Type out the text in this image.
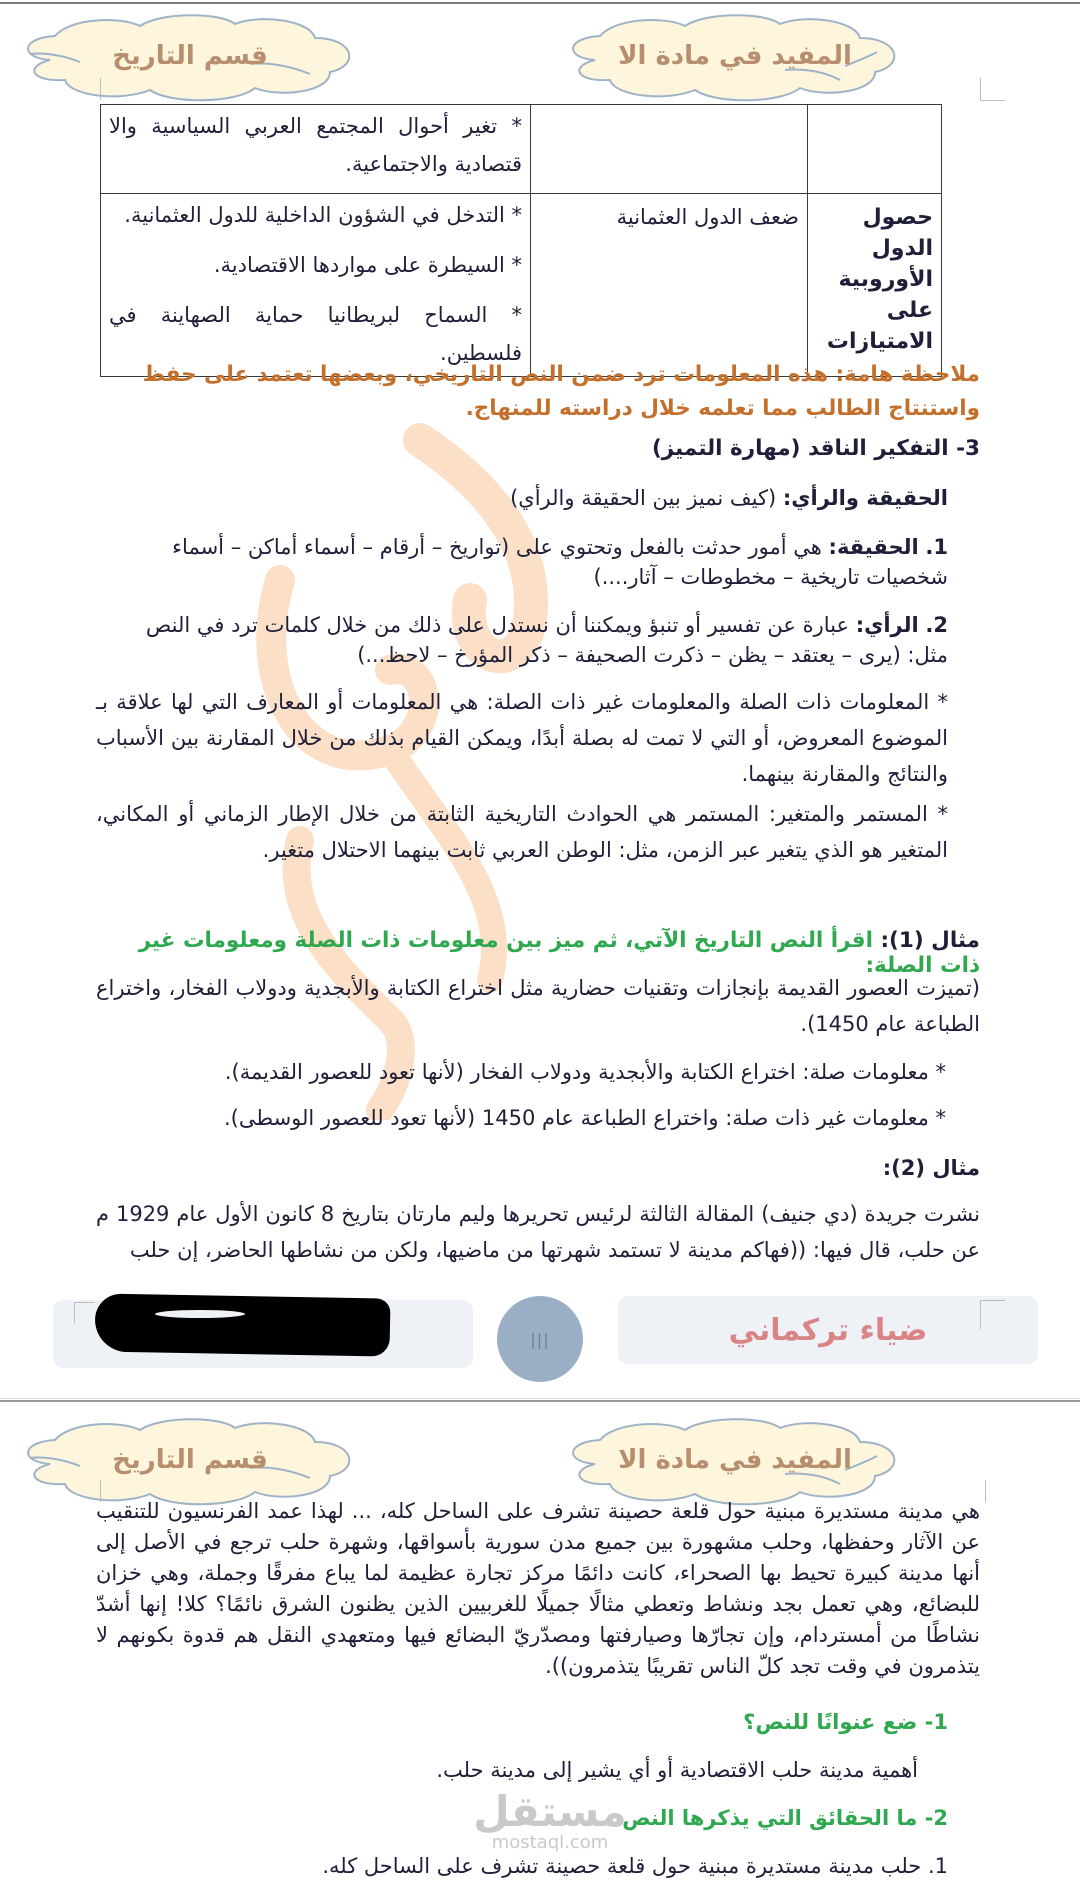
المفيد في مادة الا
قسم التاريخ

		* تغير أحوال المجتمع العربي السياسية والا قتصادية والاجتماعية.

حصول الدول الأوروبية على الامتيازات	ضعف الدول العثمانية	* التدخل في الشؤون الداخلية للدول العثمانية.

* السيطرة على مواردها الاقتصادية.

* السماح لبريطانيا حماية الصهاينة في فلسطين.

ملاحظة هامة: هذه المعلومات ترد ضمن النص التاريخي، وبعضها تعتمد على حفظ واستنتاج الطالب مما تعلمه خلال دراسته للمنهاج.
3- التفكير الناقد (مهارة التميز)
الحقيقة والرأي: (كيف نميز بين الحقيقة والرأي)
1. الحقيقة: هي أمور حدثت بالفعل وتحتوي على (تواريخ – أرقام – أسماء أماكن – أسماء شخصيات تاريخية – مخطوطات – آثار....)
2. الرأي: عبارة عن تفسير أو تنبؤ ويمكننا أن نستدل على ذلك من خلال كلمات ترد في النص مثل: (يرى – يعتقد – يظن – ذكرت الصحيفة – ذكر المؤرخ – لاحظ...)
* المعلومات ذات الصلة والمعلومات غير ذات الصلة: هي المعلومات أو المعارف التي لها علاقة بـ الموضوع المعروض، أو التي لا تمت له بصلة أبدًا، ويمكن القيام بذلك من خلال المقارنة بين الأسباب والنتائج والمقارنة بينهما.
* المستمر والمتغير: المستمر هي الحوادث التاريخية الثابتة من خلال الإطار الزماني أو المكاني، المتغير هو الذي يتغير عبر الزمن، مثل: الوطن العربي ثابت بينهما الاحتلال متغير.
مثال (1): اقرأ النص التاريخ الآتي، ثم ميز بين معلومات ذات الصلة ومعلومات غير ذات الصلة:
(تميزت العصور القديمة بإنجازات وتقنيات حضارية مثل اختراع الكتابة والأبجدية ودولاب الفخار، واختراع الطباعة عام 1450).
* معلومات صلة: اختراع الكتابة والأبجدية ودولاب الفخار (لأنها تعود للعصور القديمة).
* معلومات غير ذات صلة: واختراع الطباعة عام 1450 (لأنها تعود للعصور الوسطى).
مثال (2):
نشرت جريدة (دي جنيف) المقالة الثالثة لرئيس تحريرها وليم مارتان بتاريخ 8 كانون الأول عام 1929 م عن حلب، قال فيها: ((فهاكم مدينة لا تستمد شهرتها من ماضيها، ولكن من نشاطها الحاضر، إن حلب
ضياء تركماني
|||
المفيد في مادة الا
قسم التاريخ
هي مدينة مستديرة مبنية حول قلعة حصينة تشرف على الساحل كله، ... لهذا عمد الفرنسيون للتنقيب عن الآثار وحفظها، وحلب مشهورة بين جميع مدن سورية بأسواقها، وشهرة حلب ترجع في الأصل إلى أنها مدينة كبيرة تحيط بها الصحراء، كانت دائمًا مركز تجارة عظيمة لما يباع مفرقًا وجملة، وهي خزان للبضائع، وهي تعمل بجد ونشاط وتعطي مثالًا جميلًا للغربيين الذين يظنون الشرق نائمًا؟ كلا! إنها أشدّ نشاطًا من أمستردام، وإن تجارّها وصيارفتها ومصدّريّ البضائع فيها ومتعهدي النقل هم قدوة بكونهم لا يتذمرون في وقت تجد كلّ الناس تقريبًا يتذمرون)).
1- ضع عنوانًا للنص؟
أهمية مدينة حلب الاقتصادية أو أي يشير إلى مدينة حلب.
2- ما الحقائق التي يذكرها النص.
1. حلب مدينة مستديرة مبنية حول قلعة حصينة تشرف على الساحل كله.
مستقل
mostaql.com
